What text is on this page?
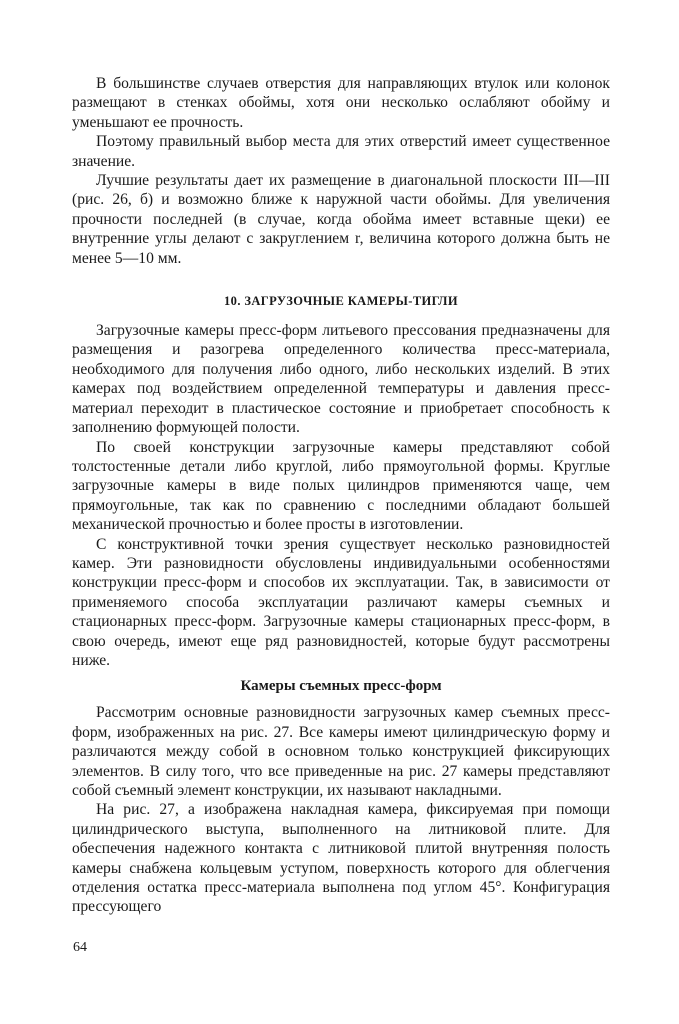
В большинстве случаев отверстия для направляющих втулок или колонок размещают в стенках обоймы, хотя они несколько ослабляют обойму и уменьшают ее прочность.

Поэтому правильный выбор места для этих отверстий имеет существенное значение.

Лучшие результаты дает их размещение в диагональной плоскости III—III (рис. 26, б) и возможно ближе к наружной части обоймы. Для увеличения прочности последней (в случае, когда обойма имеет вставные щеки) ее внутренние углы делают с закруглением r, величина которого должна быть не менее 5—10 мм.

10. ЗАГРУЗОЧНЫЕ КАМЕРЫ-ТИГЛИ

Загрузочные камеры пресс-форм литьевого прессования предназначены для размещения и разогрева определенного количества пресс-материала, необходимого для получения либо одного, либо нескольких изделий. В этих камерах под воздействием определенной температуры и давления пресс-материал переходит в пластическое состояние и приобретает способность к заполнению формующей полости.

По своей конструкции загрузочные камеры представляют собой толстостенные детали либо круглой, либо прямоугольной формы. Круглые загрузочные камеры в виде полых цилиндров применяются чаще, чем прямоугольные, так как по сравнению с последними обладают большей механической прочностью и более просты в изготовлении.

С конструктивной точки зрения существует несколько разновидностей камер. Эти разновидности обусловлены индивидуальными особенностями конструкции пресс-форм и способов их эксплуатации. Так, в зависимости от применяемого способа эксплуатации различают камеры съемных и стационарных пресс-форм. Загрузочные камеры стационарных пресс-форм, в свою очередь, имеют еще ряд разновидностей, которые будут рассмотрены ниже.

Камеры съемных пресс-форм

Рассмотрим основные разновидности загрузочных камер съемных пресс-форм, изображенных на рис. 27. Все камеры имеют цилиндрическую форму и различаются между собой в основном только конструкцией фиксирующих элементов. В силу того, что все приведенные на рис. 27 камеры представляют собой съемный элемент конструкции, их называют накладными.

На рис. 27, а изображена накладная камера, фиксируемая при помощи цилиндрического выступа, выполненного на литниковой плите. Для обеспечения надежного контакта с литниковой плитой внутренняя полость камеры снабжена кольцевым уступом, поверхность которого для облегчения отделения остатка пресс-материала выполнена под углом 45°. Конфигурация прессующего

64
